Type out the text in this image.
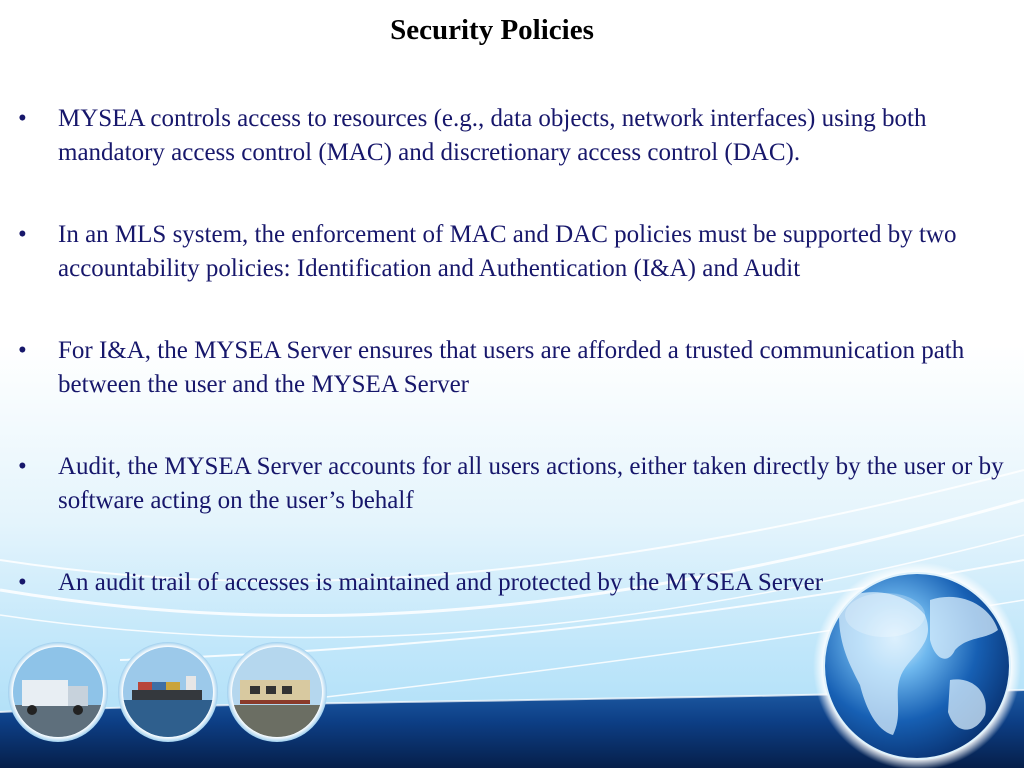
Security Policies
• MYSEA controls access to resources (e.g., data objects, network interfaces) using both mandatory access control (MAC) and discretionary access control (DAC).
• In an MLS system, the enforcement of MAC and DAC policies must be supported by two accountability policies: Identification and Authentication (I&A) and Audit
• For I&A, the MYSEA Server ensures that users are afforded a trusted communication path between the user and the MYSEA Server
• Audit, the MYSEA Server accounts for all users actions, either taken directly by the user or by software acting on the user’s behalf
• An audit trail of accesses is maintained and protected by the MYSEA Server
